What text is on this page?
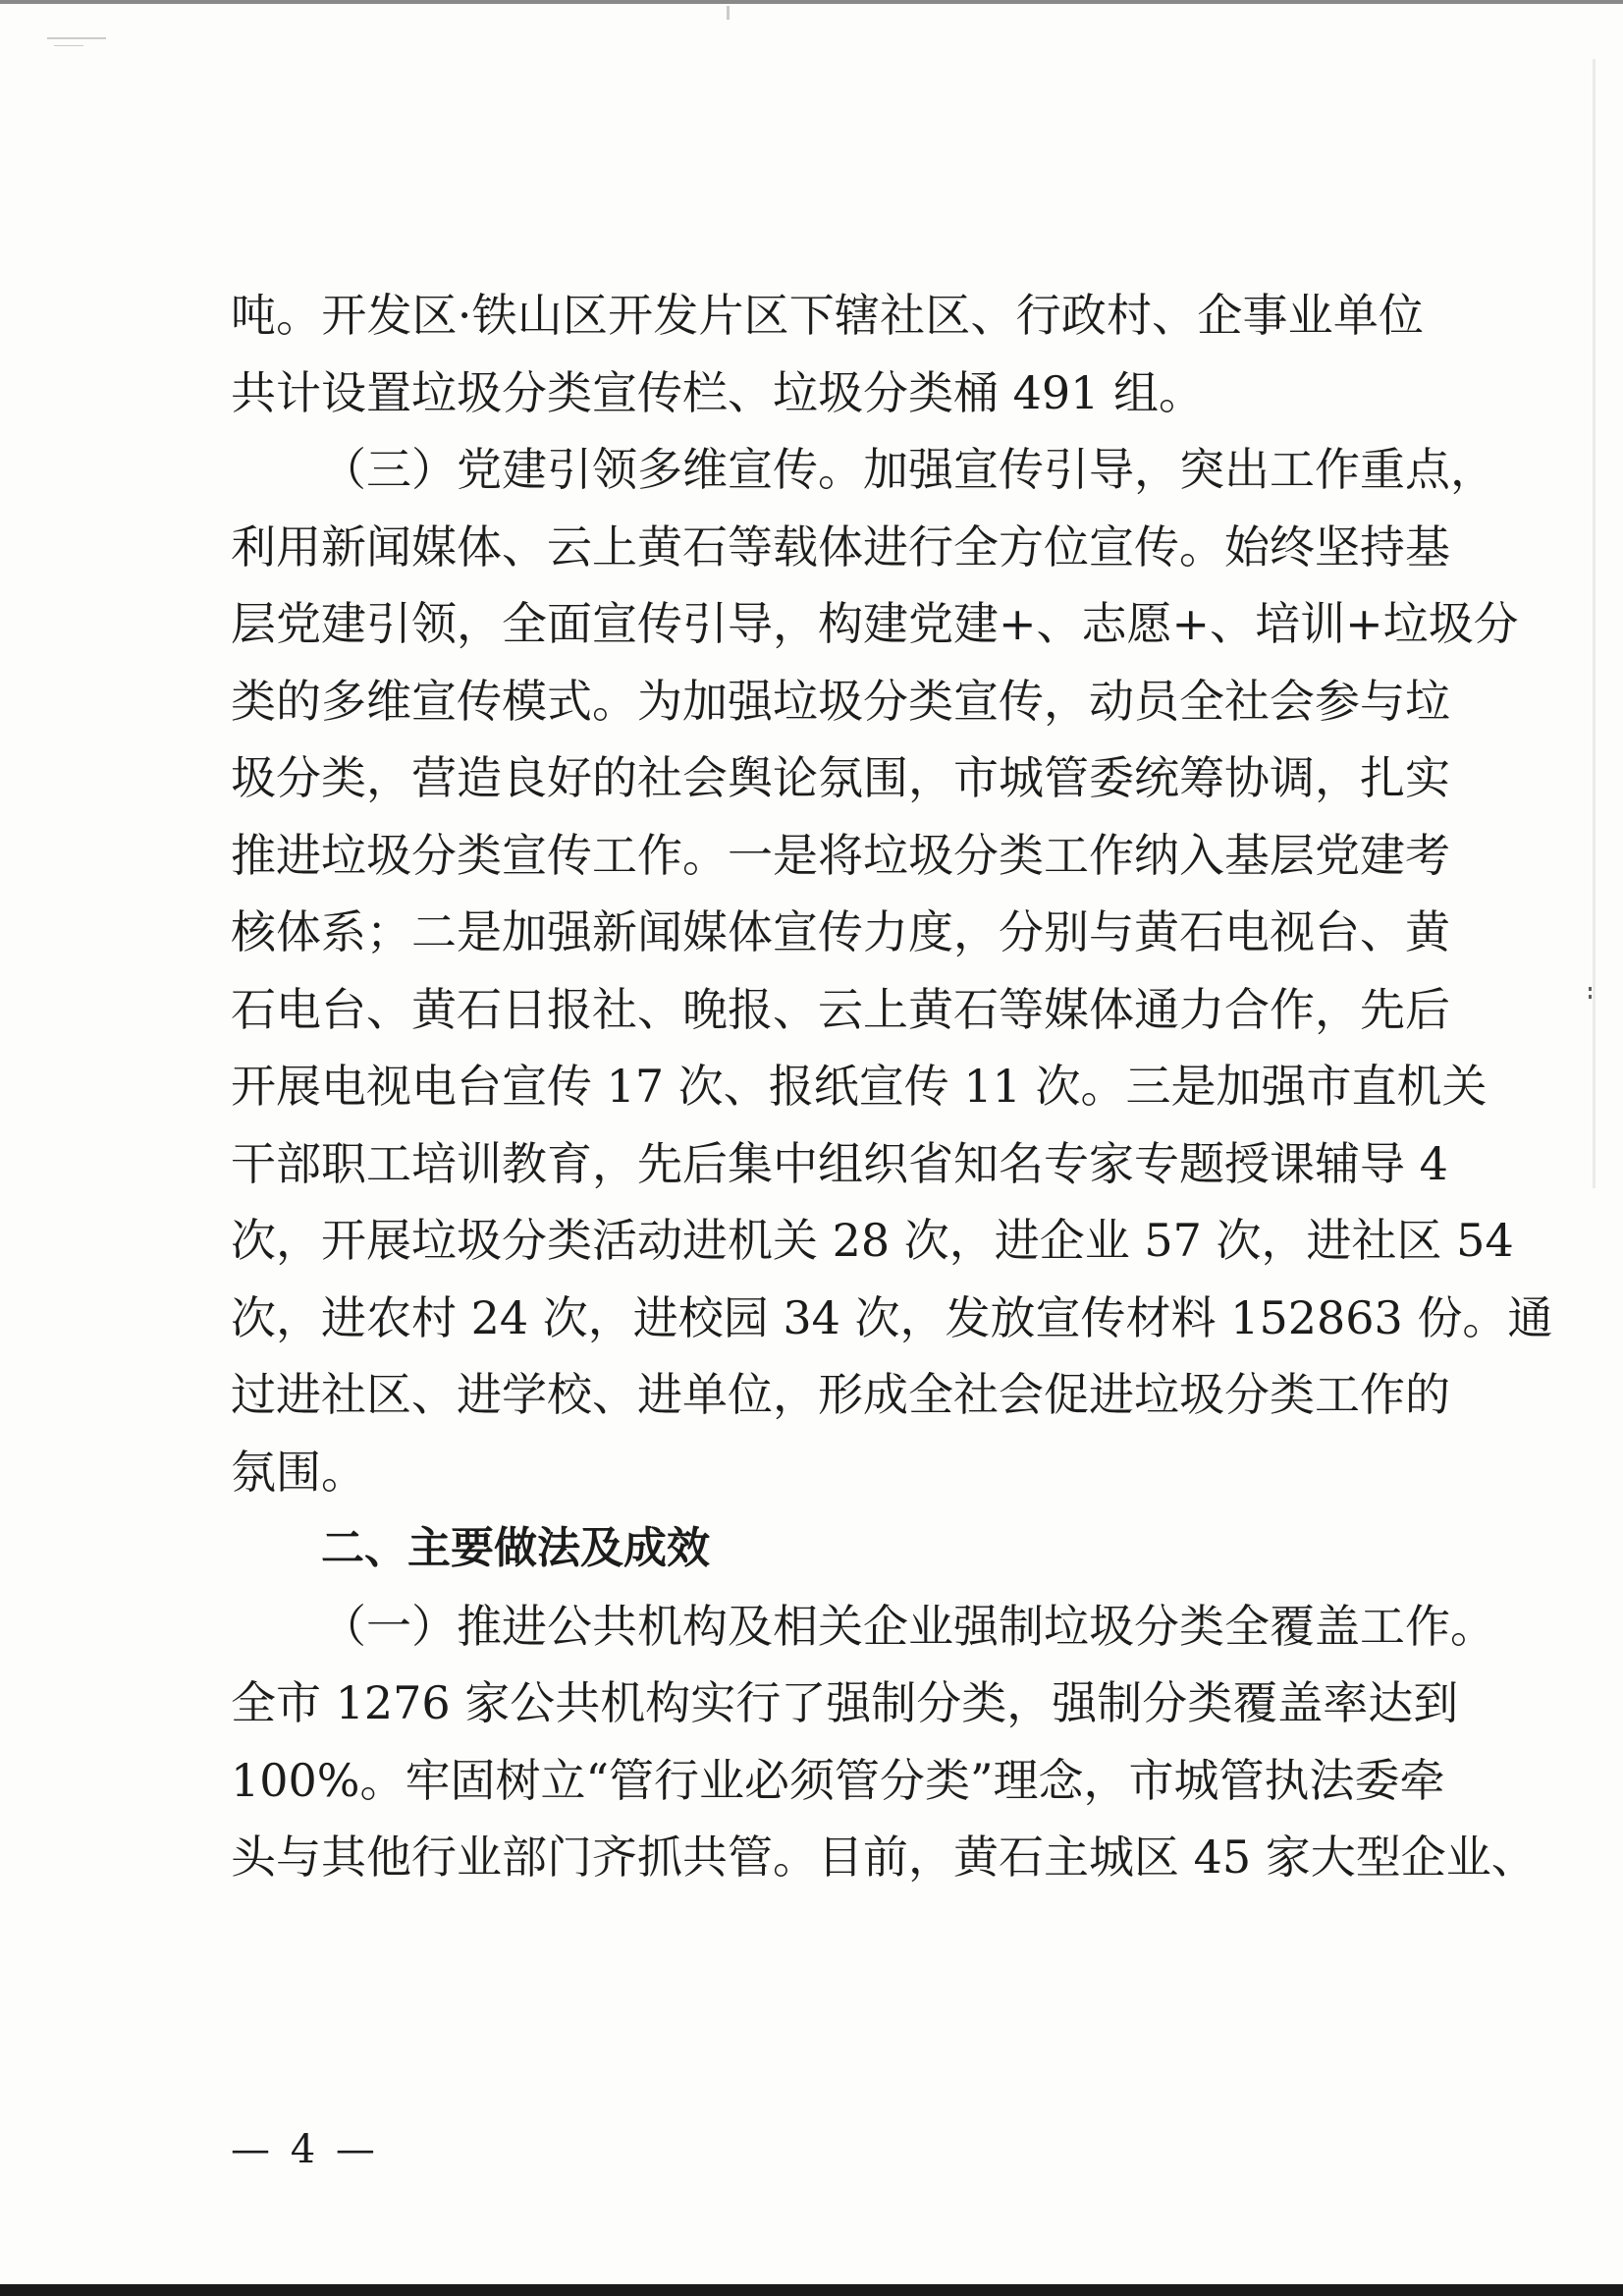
吨。开发区·铁山区开发片区下辖社区、行政村、企事业单位
共计设置垃圾分类宣传栏、垃圾分类桶 491 组。
（三）党建引领多维宣传。加强宣传引导，突出工作重点，
利用新闻媒体、云上黄石等载体进行全方位宣传。始终坚持基
层党建引领，全面宣传引导，构建党建+、志愿+、培训+垃圾分
类的多维宣传模式。为加强垃圾分类宣传，动员全社会参与垃
圾分类，营造良好的社会舆论氛围，市城管委统筹协调，扎实
推进垃圾分类宣传工作。一是将垃圾分类工作纳入基层党建考
核体系；二是加强新闻媒体宣传力度，分别与黄石电视台、黄
石电台、黄石日报社、晚报、云上黄石等媒体通力合作，先后
开展电视电台宣传 17 次、报纸宣传 11 次。三是加强市直机关
干部职工培训教育，先后集中组织省知名专家专题授课辅导 4
次，开展垃圾分类活动进机关 28 次，进企业 57 次，进社区 54
次，进农村 24 次，进校园 34 次，发放宣传材料 152863 份。通
过进社区、进学校、进单位，形成全社会促进垃圾分类工作的
氛围。
二、主要做法及成效
（一）推进公共机构及相关企业强制垃圾分类全覆盖工作。
全市 1276 家公共机构实行了强制分类，强制分类覆盖率达到
100%。牢固树立“管行业必须管分类”理念，市城管执法委牵
头与其他行业部门齐抓共管。目前，黄石主城区 45 家大型企业、
— 4 —
